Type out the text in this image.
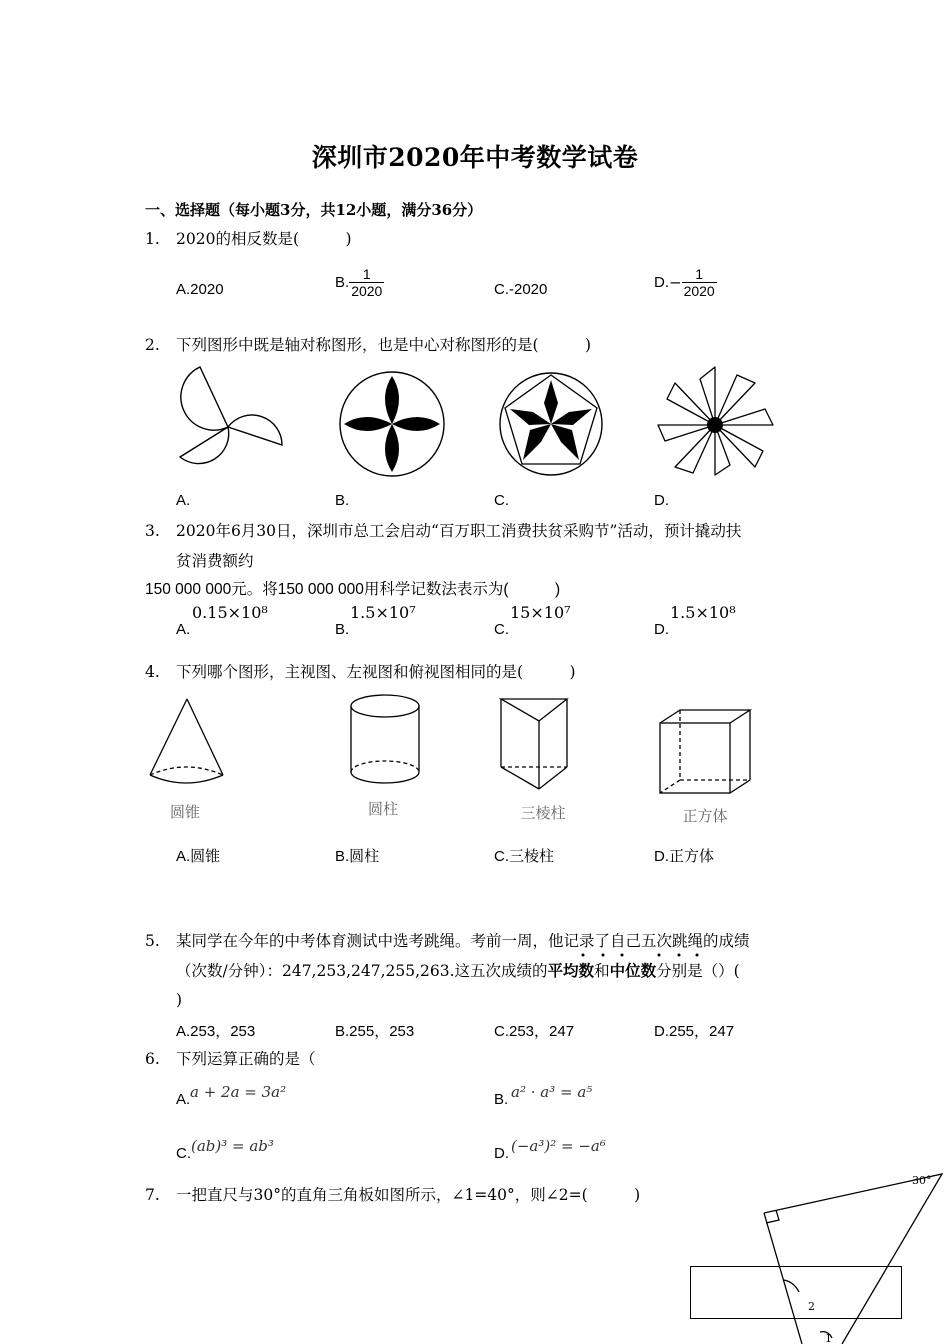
深圳市2020年中考数学试卷
一、选择题（每小题3分，共12小题，满分36分）
1. 2020的相反数是(　　　)
A.2020	B. $\frac{1}{2020}$	C.-2020	$D.- \frac{1}{2020}$
2. 下列图形中既是轴对称图形，也是中心对称图形的是(　　　)
A.	B.	C.	D.
3. 2020年6月30日，深圳市总工会启动“百万职工消费扶贫采购节”活动，预计撬动扶
贫消费额约
150 000 000元。将150 000 000用科学记数法表示为(　　　)
A.
0.15×10⁸
B.
1.5×10⁷
C.
15×10⁷
D.
1.5×10⁸
4. 下列哪个图形，主视图、左视图和俯视图相同的是(　　　)
圆锥	圆柱	三棱柱	正方体
A.圆锥	B.圆柱	C.三棱柱	D.正方体
5. 某同学在今年的中考体育测试中选考跳绳。考前一周，他记录了自己五次跳绳的成绩
（次数/分钟）：247,253,247,255,263.这五次成绩的平均数和中位数分别是（）(
)
A.253，253	B.255，253	C.253，247	D.255，247
6. 下列运算正确的是（
A. a + 2a = 3a²	B. a² · a³ = a⁵
C. (ab)³ = ab³	D. (−a³)² = −a⁶
7. 一把直尺与30°的直角三角板如图所示，∠1=40°，则∠2=(　　　)
30°
2
1
